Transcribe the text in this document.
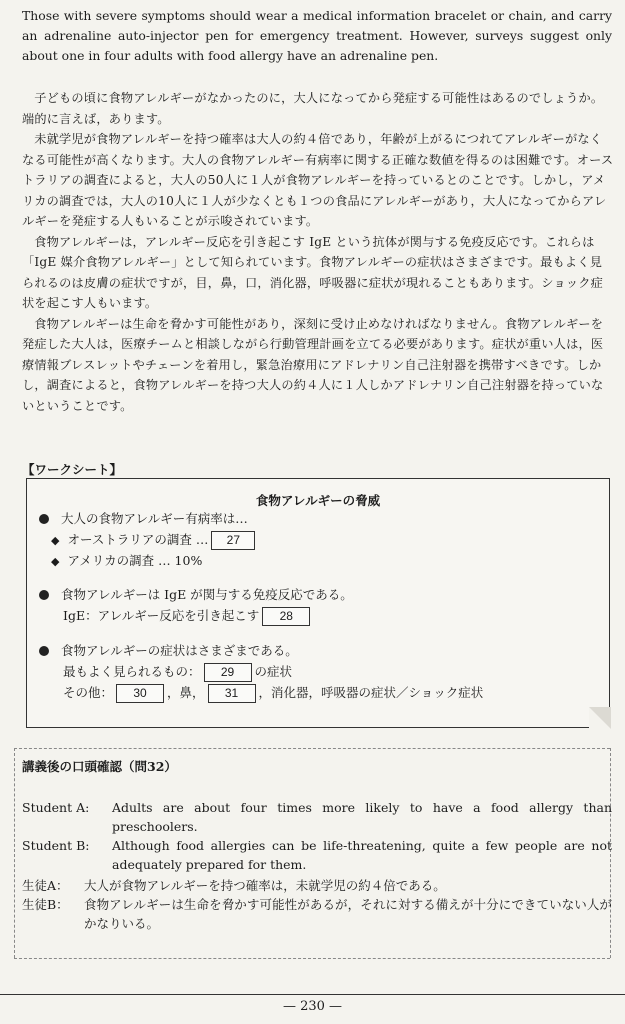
Those with severe symptoms should wear a medical information bracelet or chain, and carry an adrenaline auto-injector pen for emergency treatment. However, surveys suggest only about one in four adults with food allergy have an adrenaline pen.

子どもの頃に食物アレルギーがなかったのに，大人になってから発症する可能性はあるのでしょうか。端的に言えば，あります。

未就学児が食物アレルギーを持つ確率は大人の約４倍であり，年齢が上がるにつれてアレルギーがなくなる可能性が高くなります。大人の食物アレルギー有病率に関する正確な数値を得るのは困難です。オーストラリアの調査によると，大人の50人に１人が食物アレルギーを持っているとのことです。しかし，アメリカの調査では，大人の10人に１人が少なくとも１つの食品にアレルギーがあり，大人になってからアレルギーを発症する人もいることが示唆されています。

食物アレルギーは，アレルギー反応を引き起こす IgE という抗体が関与する免疫反応です。これらは「IgE 媒介食物アレルギー」として知られています。食物アレルギーの症状はさまざまです。最もよく見られるのは皮膚の症状ですが，目，鼻，口，消化器，呼吸器に症状が現れることもあります。ショック症状を起こす人もいます。

食物アレルギーは生命を脅かす可能性があり，深刻に受け止めなければなりません。食物アレルギーを発症した大人は，医療チームと相談しながら行動管理計画を立てる必要があります。症状が重い人は，医療情報ブレスレットやチェーンを着用し，緊急治療用にアドレナリン自己注射器を携帯すべきです。しかし，調査によると，食物アレルギーを持つ大人の約４人に１人しかアドレナリン自己注射器を持っていないということです。

【ワークシート】
食物アレルギーの脅威
大人の食物アレルギー有病率は…
◆ オーストラリアの調査 … 27
◆ アメリカの調査 … 10%
食物アレルギーは IgE が関与する免疫反応である。
IgE：アレルギー反応を引き起こす 28
食物アレルギーの症状はさまざまである。
最もよく見られるもの： 29 の症状
その他： 30 ，鼻， 31 ，消化器，呼吸器の症状／ショック症状
講義後の口頭確認（問32）
Student A:	Adults are about four times more likely to have a food allergy than preschoolers.
Student B:	Although food allergies can be life-threatening, quite a few people are not adequately prepared for them.
生徒A：	大人が食物アレルギーを持つ確率は，未就学児の約４倍である。
生徒B：	食物アレルギーは生命を脅かす可能性があるが，それに対する備えが十分にできていない人がかなりいる。
— 230 —
